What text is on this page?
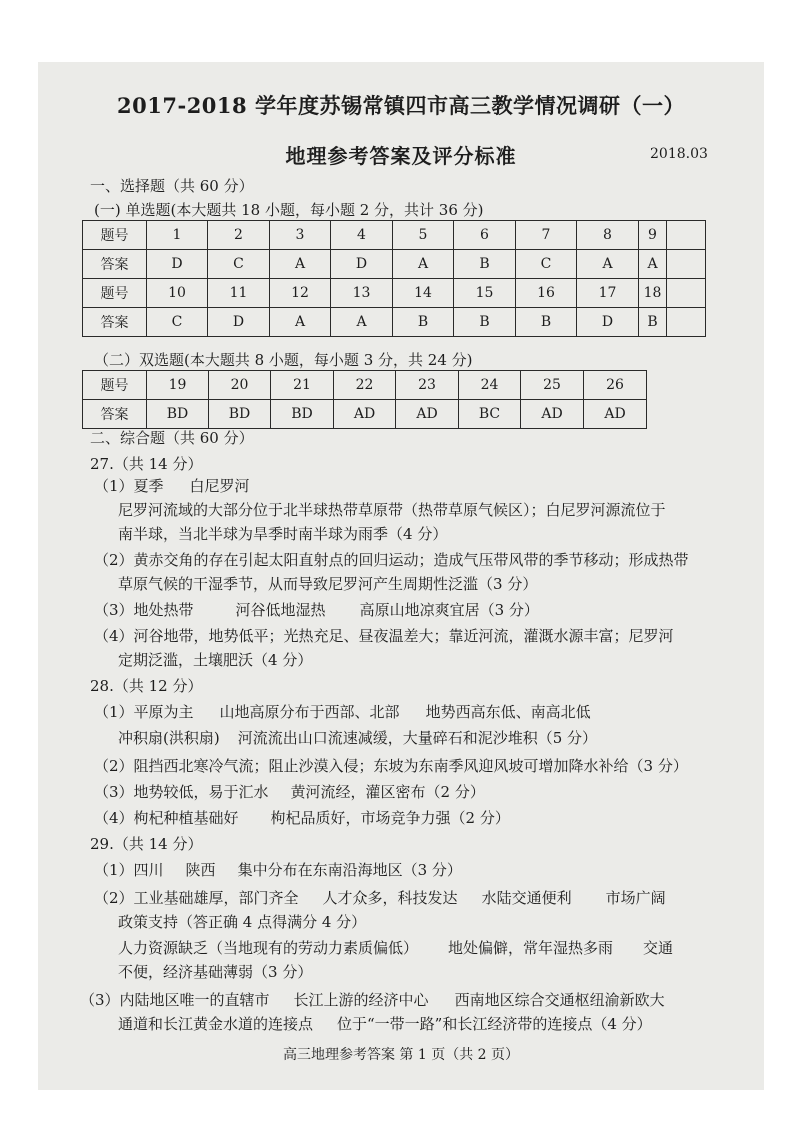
2017-2018 学年度苏锡常镇四市高三教学情况调研（一）
地理参考答案及评分标准	2018.03
一、选择题（共 60 分）
(一) 单选题(本大题共 18 小题，每小题 2 分，共计 36 分)
题号	1	2	3	4	5	6	7	8	9	
答案	D	C	A	D	A	B	C	A	A	
题号	10	11	12	13	14	15	16	17	18	
答案	C	D	A	A	B	B	B	D	B	
（二）双选题(本大题共 8 小题，每小题 3 分，共 24 分)
题号	19	20	21	22	23	24	25	26
答案	BD	BD	BD	AD	AD	BC	AD	AD
二、综合题（共 60 分）
27.（共 14 分）
（1）夏季 白尼罗河
尼罗河流域的大部分位于北半球热带草原带（热带草原气候区）；白尼罗河源流位于
南半球，当北半球为旱季时南半球为雨季（4 分）
（2）黄赤交角的存在引起太阳直射点的回归运动；造成气压带风带的季节移动；形成热带
草原气候的干湿季节，从而导致尼罗河产生周期性泛滥（3 分）
（3）地处热带	河谷低地湿热 高原山地凉爽宜居（3 分）
（4）河谷地带，地势低平；光热充足、昼夜温差大；靠近河流，灌溉水源丰富；尼罗河
定期泛滥，土壤肥沃（4 分）
28.（共 12 分）
（1）平原为主 山地高原分布于西部、北部 地势西高东低、南高北低
冲积扇(洪积扇) 河流流出山口流速减缓，大量碎石和泥沙堆积（5 分）
（2）阻挡西北寒冷气流；阻止沙漠入侵；东坡为东南季风迎风坡可增加降水补给（3 分）
（3）地势较低，易于汇水 黄河流经，灌区密布（2 分）
（4）枸杞种植基础好 枸杞品质好，市场竞争力强（2 分）
29.（共 14 分）
（1）四川 陕西 集中分布在东南沿海地区（3 分）
（2）工业基础雄厚，部门齐全 人才众多，科技发达 水陆交通便利 市场广阔
政策支持（答正确 4 点得满分 4 分）
人力资源缺乏（当地现有的劳动力素质偏低） 地处偏僻，常年湿热多雨 交通
不便，经济基础薄弱（3 分）
（3）内陆地区唯一的直辖市 长江上游的经济中心 西南地区综合交通枢纽渝新欧大
通道和长江黄金水道的连接点 位于“一带一路”和长江经济带的连接点（4 分）
高三地理参考答案 第 1 页（共 2 页）
